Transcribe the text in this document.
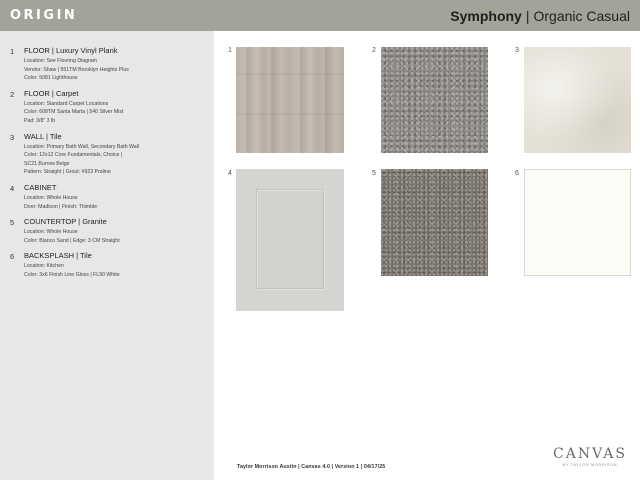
ORIGIN	Symphony | Organic Casual
1	FLOOR | Luxury Vinyl Plank
Location: See Flooring Diagram
Vendor: Shaw | 551TM Brooklyn Heights Plus
Color: 5081 Lighthouse
2	FLOOR | Carpet
Location: Standard Carpet Locations
Color: 608TM Santa Marta | 540 Silver Mist
Pad: 3/8" 3 lb
3	WALL | Tile
Location: Primary Bath Wall, Secondary Bath Wall
Color: 12x12 Core Fundamentals, Choice |
SC21 Burrow Beige
Pattern: Straight | Grout: #923 Praline
4	CABINET
Location: Whole House
Door: Madison | Finish: Thimble
5	COUNTERTOP | Granite
Location: Whole House
Color: Blanco Sand | Edge: 3 CM Straight
6	BACKSPLASH | Tile
Location: Kitchen
Color: 3x6 Finish Line Gloss | FL90 White
1	2	3
4	5	6
Taylor Morrison Austin | Canvas 4.0 | Version 1 | 04/17/25
CANVAS
BY TAYLOR MORRISON
